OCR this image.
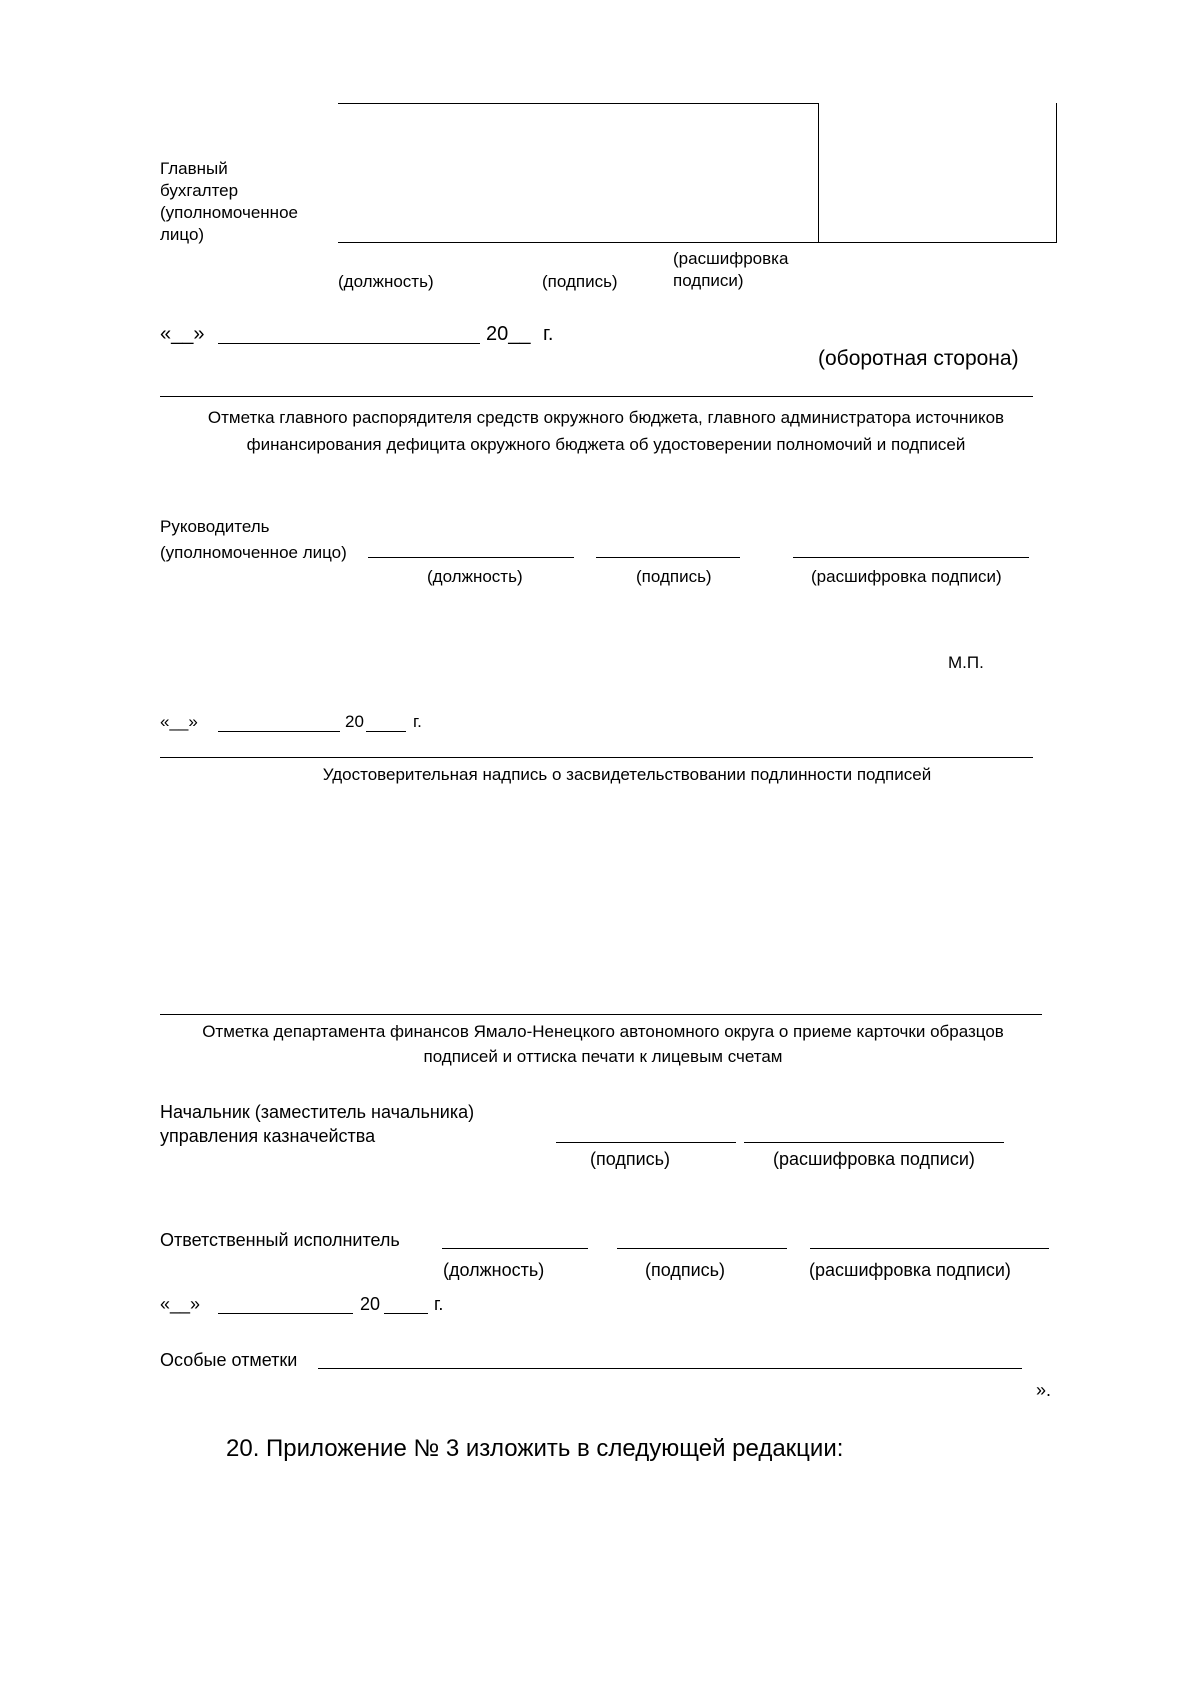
Главный
бухгалтер
(уполномоченное
лицо)
(должность)	(подпись)
(расшифровка
подписи)
«__»	20__ г.
(оборотная сторона)
Отметка главного распорядителя средств окружного бюджета, главного администратора источников
финансирования дефицита окружного бюджета об удостоверении полномочий и подписей
Руководитель
(уполномоченное лицо)
(должность)	(подпись)	(расшифровка подписи)
М.П.
«__»	20	г.
Удостоверительная надпись о засвидетельствовании подлинности подписей
Отметка департамента финансов Ямало-Ненецкого автономного округа о приеме карточки образцов
подписей и оттиска печати к лицевым счетам
Начальник (заместитель начальника)
управления казначейства
(подпись)	(расшифровка подписи)
Ответственный исполнитель
(должность)	(подпись)	(расшифровка подписи)
«__»	20	г.
Особые отметки
».
20. Приложение № 3 изложить в следующей редакции:
